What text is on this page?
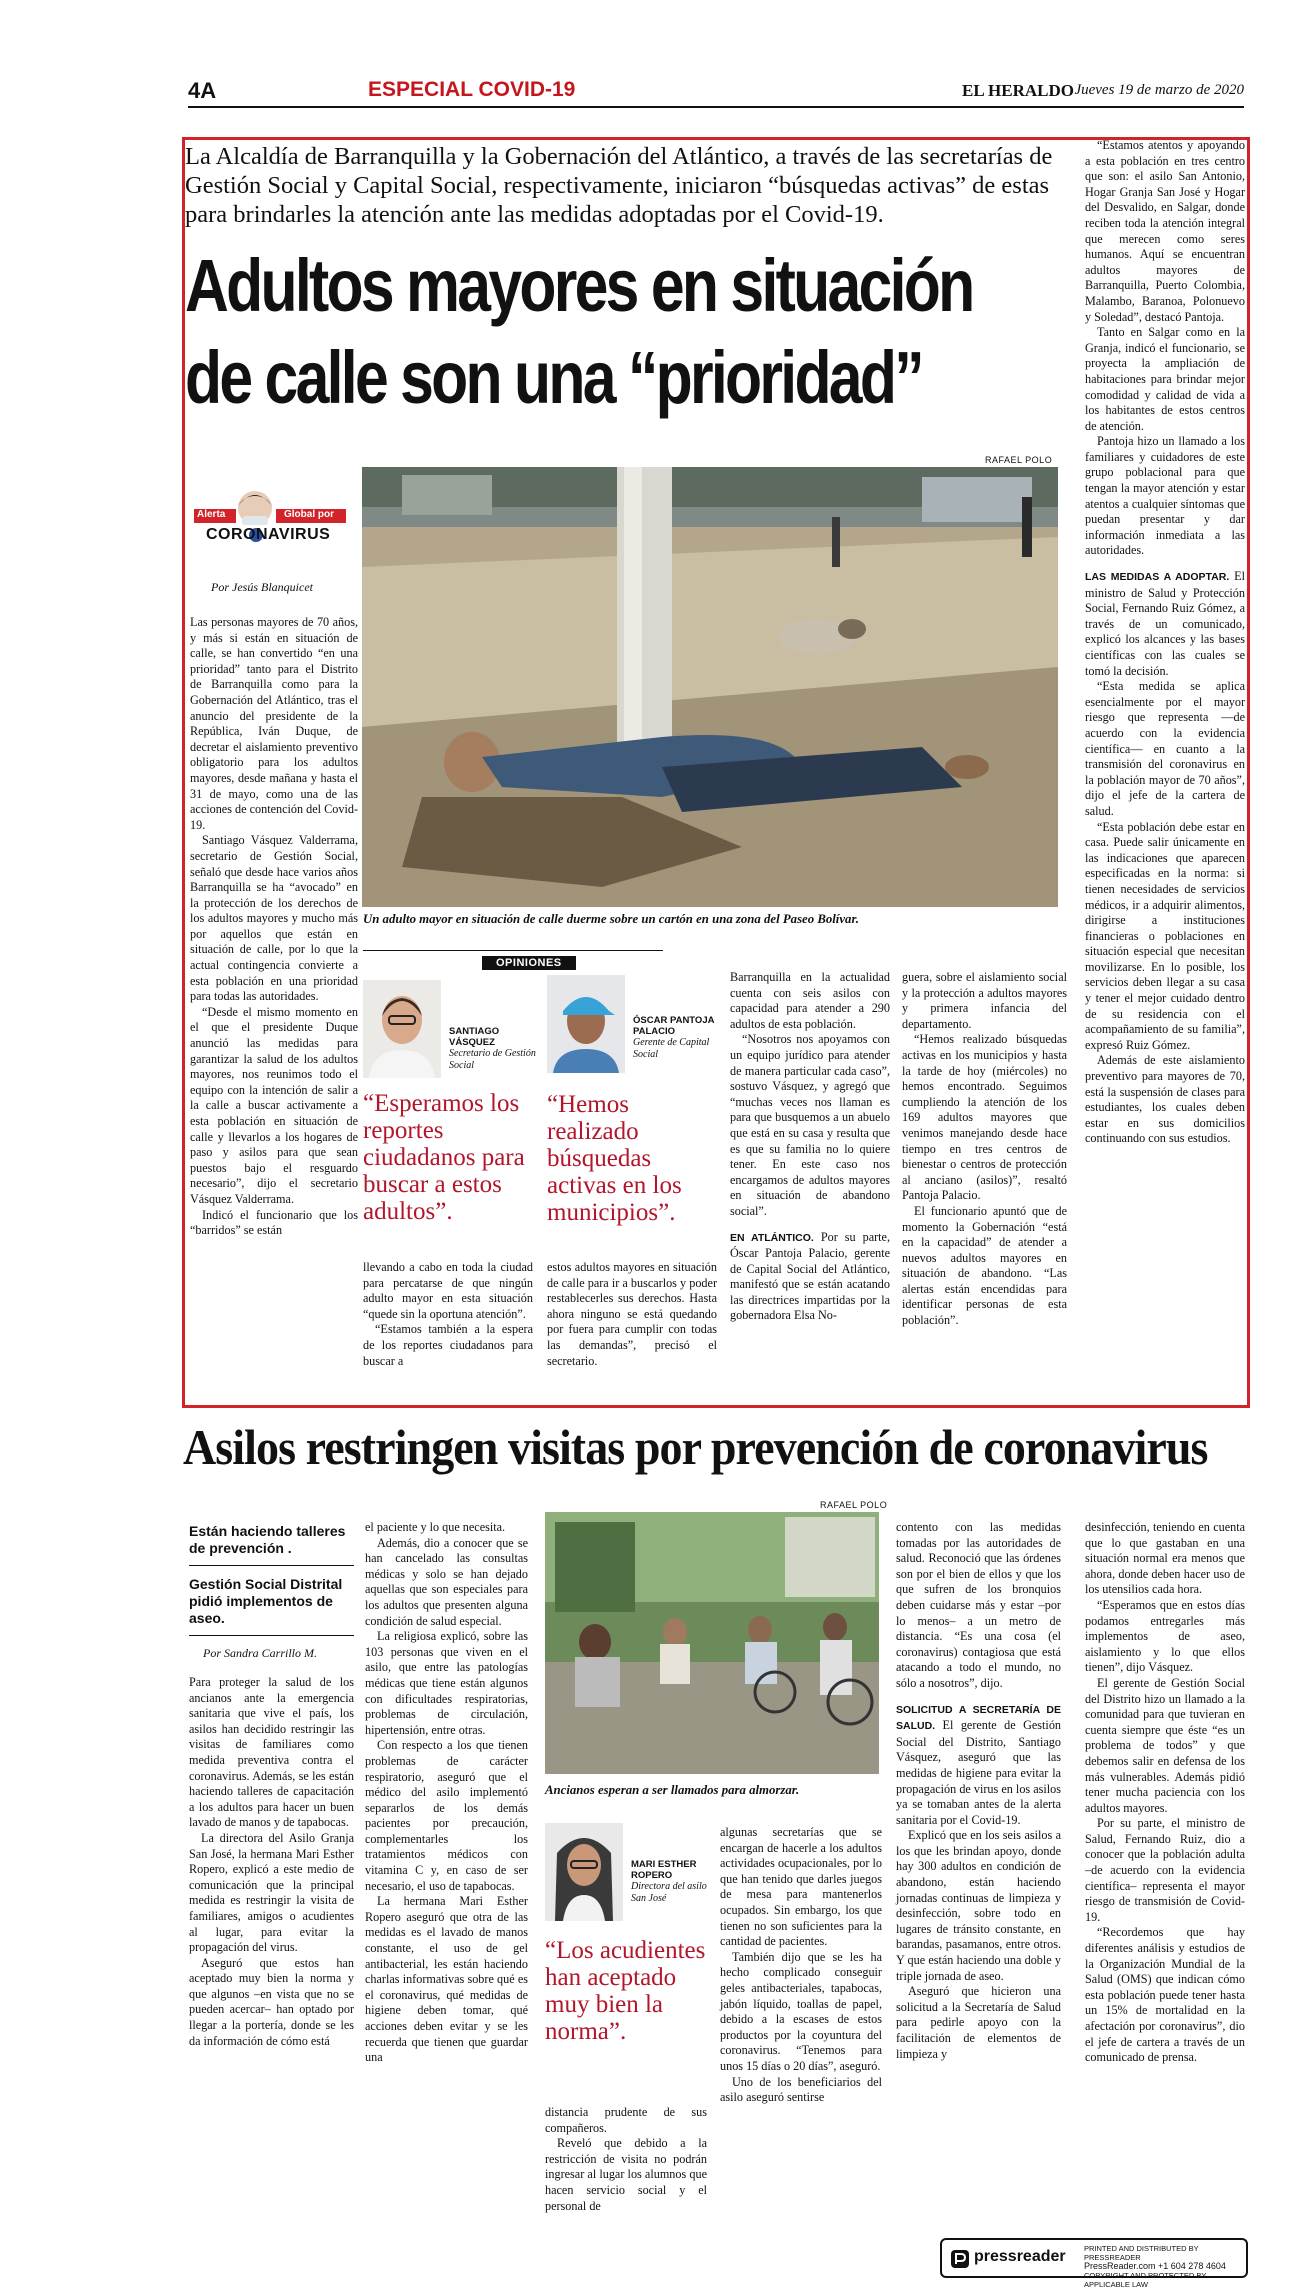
4A	ESPECIAL COVID-19	EL HERALDO Jueves 19 de marzo de 2020
La Alcaldía de Barranquilla y la Gobernación del Atlántico, a través de las secretarías de Gestión Social y Capital Social, respectivamente, iniciaron “búsquedas activas” de estas para brindarles la atención ante las medidas adoptadas por el Covid-19.
Adultos mayores en situación
de calle son una “prioridad”
RAFAEL POLO
Alerta	Global por
CORONAVIRUS
Por Jesús Blanquicet
Un adulto mayor en situación de calle duerme sobre un cartón en una zona del Paseo Bolívar.

Las personas mayores de 70 años, y más si están en situación de calle, se han convertido “en una prioridad” tanto para el Distrito de Barranquilla como para la Gobernación del Atlántico, tras el anuncio del presidente de la República, Iván Duque, de decretar el aislamiento preventivo obligatorio para los adultos mayores, desde mañana y hasta el 31 de mayo, como una de las acciones de contención del Covid-19.

Santiago Vásquez Valderrama, secretario de Gestión Social, señaló que desde hace varios años Barranquilla se ha “avocado” en la protección de los derechos de los adultos mayores y mucho más por aquellos que están en situación de calle, por lo que la actual contingencia convierte a esta población en una prioridad para todas las autoridades.

“Desde el mismo momento en el que el presidente Duque anunció las medidas para garantizar la salud de los adultos mayores, nos reunimos todo el equipo con la intención de salir a la calle a buscar activamente a esta población en situación de calle y llevarlos a los hogares de paso y asilos para que sean puestos bajo el resguardo necesario”, dijo el secretario Vásquez Valderrama.

Indicó el funcionario que los “barridos” se están

OPINIONES
SANTIAGO VÁSQUEZ
Secretario de Gestión Social
“Esperamos los reportes ciudadanos para buscar a estos adultos”.
ÓSCAR PANTOJA PALACIO
Gerente de Capital Social
“Hemos realizado búsquedas activas en los municipios”.

llevando a cabo en toda la ciudad para percatarse de que ningún adulto mayor en esta situación “quede sin la oportuna atención”.

“Estamos también a la espera de los reportes ciudadanos para buscar a

estos adultos mayores en situación de calle para ir a buscarlos y poder restablecerles sus derechos. Hasta ahora ninguno se está quedando por fuera para cumplir con todas las demandas”, precisó el secretario.

Barranquilla en la actualidad cuenta con seis asilos con capacidad para atender a 290 adultos de esta población.

“Nosotros nos apoyamos con un equipo jurídico para atender de manera particular cada caso”, sostuvo Vásquez, y agregó que “muchas veces nos llaman es para que busquemos a un abuelo que está en su casa y resulta que es que su familia no lo quiere tener. En este caso nos encargamos de adultos mayores en situación de abandono social”.

EN ATLÁNTICO. Por su parte, Óscar Pantoja Palacio, gerente de Capital Social del Atlántico, manifestó que se están acatando las directrices impartidas por la gobernadora Elsa No-

guera, sobre el aislamiento social y la protección a adultos mayores y primera infancia del departamento.

“Hemos realizado búsquedas activas en los municipios y hasta la tarde de hoy (miércoles) no hemos encontrado. Seguimos cumpliendo la atención de los 169 adultos mayores que venimos manejando desde hace tiempo en tres centros de bienestar o centros de protección al anciano (asilos)”, resaltó Pantoja Palacio.

El funcionario apuntó que de momento la Gobernación “está en la capacidad” de atender a nuevos adultos mayores en situación de abandono. “Las alertas están encendidas para identificar personas de esta población”.

“Estamos atentos y apoyando a esta población en tres centro que son: el asilo San Antonio, Hogar Granja San José y Hogar del Desvalido, en Salgar, donde reciben toda la atención integral que merecen como seres humanos. Aquí se encuentran adultos mayores de Barranquilla, Puerto Colombia, Malambo, Baranoa, Polonuevo y Soledad”, destacó Pantoja.

Tanto en Salgar como en la Granja, indicó el funcionario, se proyecta la ampliación de habitaciones para brindar mejor comodidad y calidad de vida a los habitantes de estos centros de atención.

Pantoja hizo un llamado a los familiares y cuidadores de este grupo poblacional para que tengan la mayor atención y estar atentos a cualquier síntomas que puedan presentar y dar información inmediata a las autoridades.

LAS MEDIDAS A ADOPTAR. El ministro de Salud y Protección Social, Fernando Ruiz Gómez, a través de un comunicado, explicó los alcances y las bases científicas con las cuales se tomó la decisión.

“Esta medida se aplica esencialmente por el mayor riesgo que representa —de acuerdo con la evidencia científica— en cuanto a la transmisión del coronavirus en la población mayor de 70 años”, dijo el jefe de la cartera de salud.

“Esta población debe estar en casa. Puede salir únicamente en las indicaciones que aparecen especificadas en la norma: si tienen necesidades de servicios médicos, ir a adquirir alimentos, dirigirse a instituciones financieras o poblaciones en situación especial que necesitan movilizarse. En lo posible, los servicios deben llegar a su casa y tener el mejor cuidado dentro de su residencia con el acompañamiento de su familia”, expresó Ruiz Gómez.

Además de este aislamiento preventivo para mayores de 70, está la suspensión de clases para estudiantes, los cuales deben estar en sus domicilios continuando con sus estudios.

Asilos restringen visitas por prevención de coronavirus
RAFAEL POLO
Están haciendo talleres de prevención .
Gestión Social Distrital pidió implementos de aseo.
Por Sandra Carrillo M.

Para proteger la salud de los ancianos ante la emergencia sanitaria que vive el país, los asilos han decidido restringir las visitas de familiares como medida preventiva contra el coronavirus. Además, se les están haciendo talleres de capacitación a los adultos para hacer un buen lavado de manos y de tapabocas.

La directora del Asilo Granja San José, la hermana Mari Esther Ropero, explicó a este medio de comunicación que la principal medida es restringir la visita de familiares, amigos o acudientes al lugar, para evitar la propagación del virus.

Aseguró que estos han aceptado muy bien la norma y que algunos –en vista que no se pueden acercar– han optado por llegar a la portería, donde se les da información de cómo está

el paciente y lo que necesita.

Además, dio a conocer que se han cancelado las consultas médicas y solo se han dejado aquellas que son especiales para los adultos que presenten alguna condición de salud especial.

La religiosa explicó, sobre las 103 personas que viven en el asilo, que entre las patologías médicas que tiene están algunos con dificultades respiratorias, problemas de circulación, hipertensión, entre otras.

Con respecto a los que tienen problemas de carácter respiratorio, aseguró que el médico del asilo implementó separarlos de los demás pacientes por precaución, complementarles los tratamientos médicos con vitamina C y, en caso de ser necesario, el uso de tapabocas.

La hermana Mari Esther Ropero aseguró que otra de las medidas es el lavado de manos constante, el uso de gel antibacterial, les están haciendo charlas informativas sobre qué es el coronavirus, qué medidas de higiene deben tomar, qué acciones deben evitar y se les recuerda que tienen que guardar una

Ancianos esperan a ser llamados para almorzar.
MARI ESTHER ROPERO
Directora del asilo San José
“Los acudientes han aceptado muy bien la norma”.

distancia prudente de sus compañeros.

Reveló que debido a la restricción de visita no podrán ingresar al lugar los alumnos que hacen servicio social y el personal de

algunas secretarías que se encargan de hacerle a los adultos actividades ocupacionales, por lo que han tenido que darles juegos de mesa para mantenerlos ocupados. Sin embargo, los que tienen no son suficientes para la cantidad de pacientes.

También dijo que se les ha hecho complicado conseguir geles antibacteriales, tapabocas, jabón líquido, toallas de papel, debido a la escases de estos productos por la coyuntura del coronavirus. “Tenemos para unos 15 días o 20 días”, aseguró.

Uno de los beneficiarios del asilo aseguró sentirse

contento con las medidas tomadas por las autoridades de salud. Reconoció que las órdenes son por el bien de ellos y que los que sufren de los bronquios deben cuidarse más y estar –por lo menos– a un metro de distancia. “Es una cosa (el coronavirus) contagiosa que está atacando a todo el mundo, no sólo a nosotros”, dijo.

SOLICITUD A SECRETARÍA DE SALUD. El gerente de Gestión Social del Distrito, Santiago Vásquez, aseguró que las medidas de higiene para evitar la propagación de virus en los asilos ya se tomaban antes de la alerta sanitaria por el Covid-19.

Explicó que en los seis asilos a los que les brindan apoyo, donde hay 300 adultos en condición de abandono, están haciendo jornadas continuas de limpieza y desinfección, sobre todo en lugares de tránsito constante, en barandas, pasamanos, entre otros. Y que están haciendo una doble y triple jornada de aseo.

Aseguró que hicieron una solicitud a la Secretaría de Salud para pedirle apoyo con la facilitación de elementos de limpieza y

desinfección, teniendo en cuenta que lo que gastaban en una situación normal era menos que ahora, donde deben hacer uso de los utensilios cada hora.

“Esperamos que en estos días podamos entregarles más implementos de aseo, aislamiento y lo que ellos tienen”, dijo Vásquez.

El gerente de Gestión Social del Distrito hizo un llamado a la comunidad para que tuvieran en cuenta siempre que éste “es un problema de todos” y que debemos salir en defensa de los más vulnerables. Además pidió tener mucha paciencia con los adultos mayores.

Por su parte, el ministro de Salud, Fernando Ruiz, dio a conocer que la población adulta –de acuerdo con la evidencia científica– representa el mayor riesgo de transmisión de Covid-19.

“Recordemos que hay diferentes análisis y estudios de la Organización Mundial de la Salud (OMS) que indican cómo esta población puede tener hasta un 15% de mortalidad en la afectación por coronavirus”, dio el jefe de cartera a través de un comunicado de prensa.

pressreader PRINTED AND DISTRIBUTED BY PRESSREADER
PressReader.com +1 604 278 4604
COPYRIGHT AND PROTECTED BY APPLICABLE LAW
